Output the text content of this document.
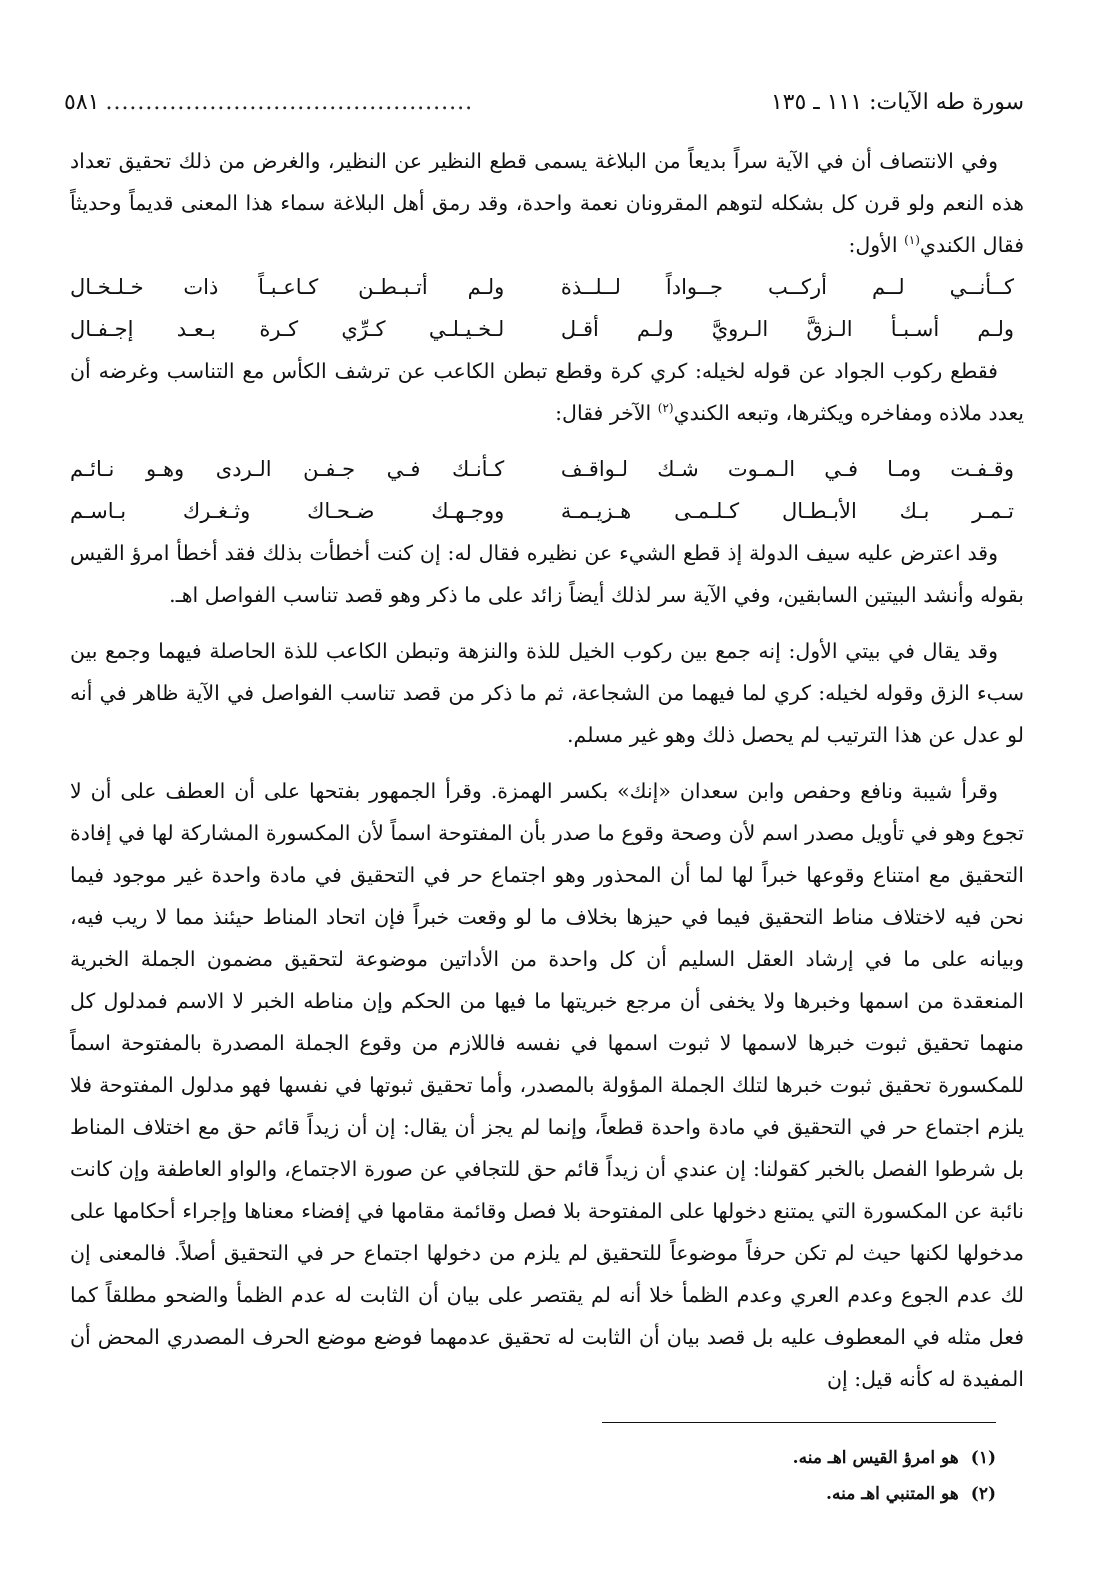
سورة طه الآيات: ١١١ ـ ١٣٥
..............................................
٥٨١

وفي الانتصاف أن في الآية سراً بديعاً من البلاغة يسمى قطع النظير عن النظير، والغرض من ذلك تحقيق تعداد هذه النعم ولو قرن كل بشكله لتوهم المقرونان نعمة واحدة، وقد رمق أهل البلاغة سماء هذا المعنى قديماً وحديثاً فقال الكندي$^{(١)}$ الأول:

كــأنــي لــم أركــب جــواداً لــلــذة
ولـم أتـبـطـن كـاعـبـاً ذات خـلـخـال
ولـم أسـبـأ الـزقَّ الـرويَّ ولـم أقـل
لـخـيـلـي كـرِّي كـرة بـعـد إجـفـال

فقطع ركوب الجواد عن قوله لخيله: كري كرة وقطع تبطن الكاعب عن ترشف الكأس مع التناسب وغرضه أن يعدد ملاذه ومفاخره ويكثرها، وتبعه الكندي$^{(٢)}$ الآخر فقال:

وقـفـت ومـا فـي الـمـوت شـك لـواقـف
كـأنـك فـي جـفـن الـردى وهـو نـائـم
تـمـر بـك الأبـطـال كـلـمـى هـزيـمـة
ووجـهـك ضـحـاك وثـغـرك بـاسـم

وقد اعترض عليه سيف الدولة إذ قطع الشيء عن نظيره فقال له: إن كنت أخطأت بذلك فقد أخطأ امرؤ القيس بقوله وأنشد البيتين السابقين، وفي الآية سر لذلك أيضاً زائد على ما ذكر وهو قصد تناسب الفواصل اهـ.

وقد يقال في بيتي الأول: إنه جمع بين ركوب الخيل للذة والنزهة وتبطن الكاعب للذة الحاصلة فيهما وجمع بين سبء الزق وقوله لخيله: كري لما فيهما من الشجاعة، ثم ما ذكر من قصد تناسب الفواصل في الآية ظاهر في أنه لو عدل عن هذا الترتيب لم يحصل ذلك وهو غير مسلم.

وقرأ شيبة ونافع وحفص وابن سعدان «إنك» بكسر الهمزة. وقرأ الجمهور بفتحها على أن العطف على أن لا تجوع وهو في تأويل مصدر اسم لأن وصحة وقوع ما صدر بأن المفتوحة اسماً لأن المكسورة المشاركة لها في إفادة التحقيق مع امتناع وقوعها خبراً لها لما أن المحذور وهو اجتماع حر في التحقيق في مادة واحدة غير موجود فيما نحن فيه لاختلاف مناط التحقيق فيما في حيزها بخلاف ما لو وقعت خبراً فإن اتحاد المناط حيئنذ مما لا ريب فيه، وبيانه على ما في إرشاد العقل السليم أن كل واحدة من الأداتين موضوعة لتحقيق مضمون الجملة الخبرية المنعقدة من اسمها وخبرها ولا يخفى أن مرجع خبريتها ما فيها من الحكم وإن مناطه الخبر لا الاسم فمدلول كل منهما تحقيق ثبوت خبرها لاسمها لا ثبوت اسمها في نفسه فاللازم من وقوع الجملة المصدرة بالمفتوحة اسماً للمكسورة تحقيق ثبوت خبرها لتلك الجملة المؤولة بالمصدر، وأما تحقيق ثبوتها في نفسها فهو مدلول المفتوحة فلا يلزم اجتماع حر في التحقيق في مادة واحدة قطعاً، وإنما لم يجز أن يقال: إن أن زيداً قائم حق مع اختلاف المناط بل شرطوا الفصل بالخبر كقولنا: إن عندي أن زيداً قائم حق للتجافي عن صورة الاجتماع، والواو العاطفة وإن كانت نائبة عن المكسورة التي يمتنع دخولها على المفتوحة بلا فصل وقائمة مقامها في إفضاء معناها وإجراء أحكامها على مدخولها لكنها حيث لم تكن حرفاً موضوعاً للتحقيق لم يلزم من دخولها اجتماع حر في التحقيق أصلاً. فالمعنى إن لك عدم الجوع وعدم العري وعدم الظمأ خلا أنه لم يقتصر على بيان أن الثابت له عدم الظمأ والضحو مطلقاً كما فعل مثله في المعطوف عليه بل قصد بيان أن الثابت له تحقيق عدمهما فوضع موضع الحرف المصدري المحض أن المفيدة له كأنه قيل: إن

(١)هو امرؤ القيس اهـ منه.
(٢)هو المتنبي اهـ منه.
